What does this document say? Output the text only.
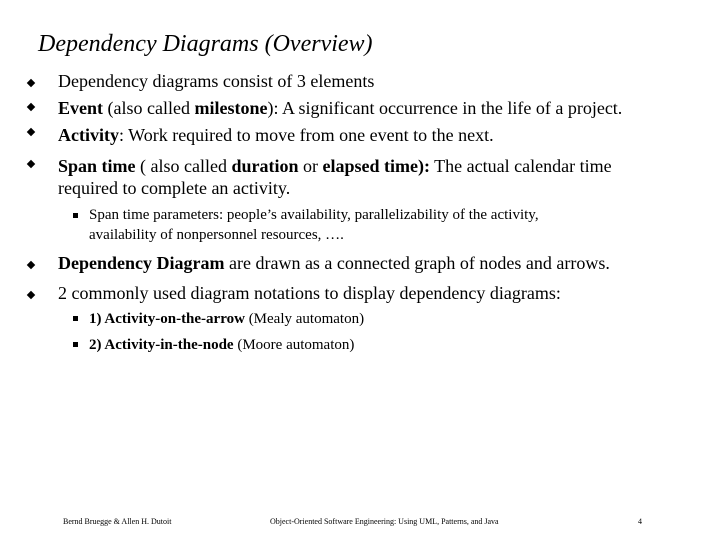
Dependency Diagrams (Overview)
Dependency diagrams consist of 3 elements
Event (also called milestone): A significant occurrence in the life of a project.
Activity: Work required to move from one event to the next.
Span time ( also called duration or elapsed time): The actual calendar time
required to complete an activity.
Span time parameters: people’s availability, parallelizability of the activity,
availability of nonpersonnel resources, ….
Dependency Diagram are drawn as a connected graph of nodes and arrows.
2 commonly used diagram notations to display dependency diagrams:
1) Activity-on-the-arrow (Mealy automaton)
2) Activity-in-the-node (Moore automaton)
Bernd Bruegge & Allen H. Dutoit	Object-Oriented Software Engineering: Using UML, Patterns, and Java	4
